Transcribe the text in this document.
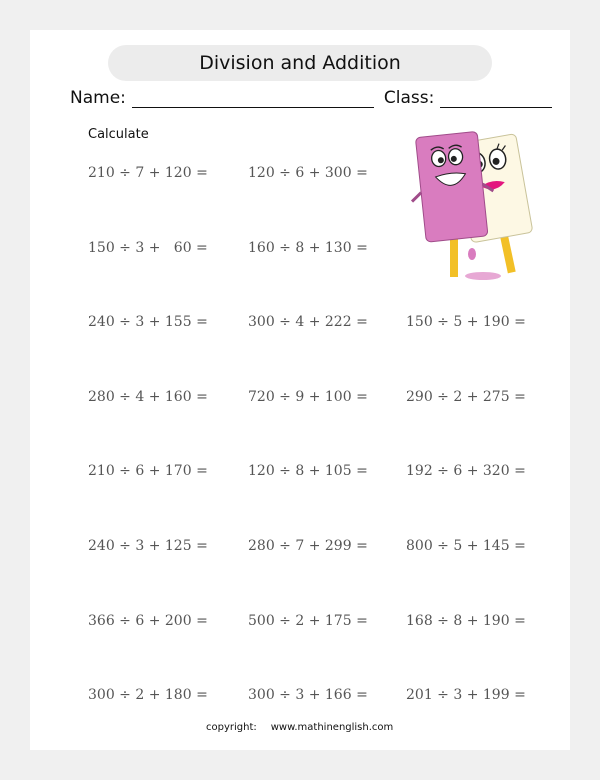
Division and Addition
Name:	Class:
Calculate
210 ÷ 7 + 120 =	120 ÷ 6 + 300 =
150 ÷ 3 +   60 =	160 ÷ 8 + 130 =
240 ÷ 3 + 155 =	300 ÷ 4 + 222 =	150 ÷ 5 + 190 =
280 ÷ 4 + 160 =	720 ÷ 9 + 100 =	290 ÷ 2 + 275 =
210 ÷ 6 + 170 =	120 ÷ 8 + 105 =	192 ÷ 6 + 320 =
240 ÷ 3 + 125 =	280 ÷ 7 + 299 =	800 ÷ 5 + 145 =
366 ÷ 6 + 200 =	500 ÷ 2 + 175 =	168 ÷ 8 + 190 =
300 ÷ 2 + 180 =	300 ÷ 3 + 166 =	201 ÷ 3 + 199 =
copyright: www.mathinenglish.com
